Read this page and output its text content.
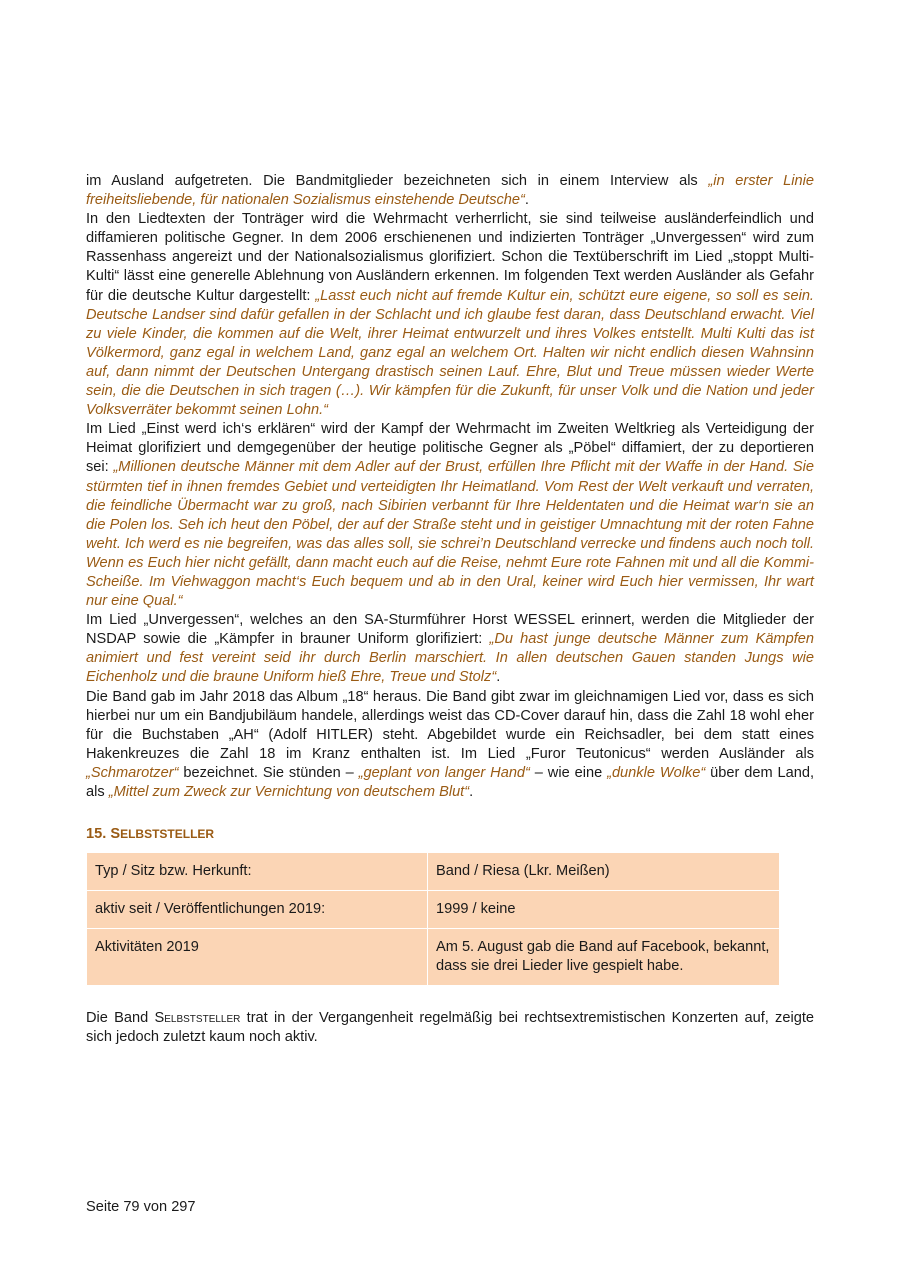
im Ausland aufgetreten. Die Bandmitglieder bezeichneten sich in einem Interview als „in erster Linie freiheitsliebende, für nationalen Sozialismus einstehende Deutsche“.

In den Liedtexten der Tonträger wird die Wehrmacht verherrlicht, sie sind teilweise ausländerfeindlich und diffamieren politische Gegner. In dem 2006 erschienenen und indizierten Tonträger „Unvergessen“ wird zum Rassenhass angereizt und der Nationalsozialismus glorifiziert. Schon die Textüberschrift im Lied „stoppt Multi-Kulti“ lässt eine generelle Ablehnung von Ausländern erkennen. Im folgenden Text werden Ausländer als Gefahr für die deutsche Kultur dargestellt: „Lasst euch nicht auf fremde Kultur ein, schützt eure eigene, so soll es sein. Deutsche Landser sind dafür gefallen in der Schlacht und ich glaube fest daran, dass Deutschland erwacht. Viel zu viele Kinder, die kommen auf die Welt, ihrer Heimat entwurzelt und ihres Volkes entstellt. Multi Kulti das ist Völkermord, ganz egal in welchem Land, ganz egal an welchem Ort. Halten wir nicht endlich diesen Wahnsinn auf, dann nimmt der Deutschen Untergang drastisch seinen Lauf. Ehre, Blut und Treue müssen wieder Werte sein, die die Deutschen in sich tragen (…). Wir kämpfen für die Zukunft, für unser Volk und die Nation und jeder Volksverräter bekommt seinen Lohn.“

Im Lied „Einst werd ich‘s erklären“ wird der Kampf der Wehrmacht im Zweiten Weltkrieg als Verteidigung der Heimat glorifiziert und demgegenüber der heutige politische Gegner als „Pöbel“ diffamiert, der zu deportieren sei: „Millionen deutsche Männer mit dem Adler auf der Brust, erfüllen Ihre Pflicht mit der Waffe in der Hand. Sie stürmten tief in ihnen fremdes Gebiet und verteidigten Ihr Heimatland. Vom Rest der Welt verkauft und verraten, die feindliche Übermacht war zu groß, nach Sibirien verbannt für Ihre Heldentaten und die Heimat war‘n sie an die Polen los. Seh ich heut den Pöbel, der auf der Straße steht und in geistiger Umnachtung mit der roten Fahne weht. Ich werd es nie begreifen, was das alles soll, sie schrei’n Deutschland verrecke und findens auch noch toll. Wenn es Euch hier nicht gefällt, dann macht euch auf die Reise, nehmt Eure rote Fahnen mit und all die Kommi-Scheiße. Im Viehwaggon macht‘s Euch bequem und ab in den Ural, keiner wird Euch hier vermissen, Ihr wart nur eine Qual.“

Im Lied „Unvergessen“, welches an den SA-Sturmführer Horst WESSEL erinnert, werden die Mitglieder der NSDAP sowie die „Kämpfer in brauner Uniform glorifiziert: „Du hast junge deutsche Männer zum Kämpfen animiert und fest vereint seid ihr durch Berlin marschiert. In allen deutschen Gauen standen Jungs wie Eichenholz und die braune Uniform hieß Ehre, Treue und Stolz“.

Die Band gab im Jahr 2018 das Album „18“ heraus. Die Band gibt zwar im gleichnamigen Lied vor, dass es sich hierbei nur um ein Bandjubiläum handele, allerdings weist das CD-Cover darauf hin, dass die Zahl 18 wohl eher für die Buchstaben „AH“ (Adolf HITLER) steht. Abgebildet wurde ein Reichsadler, bei dem statt eines Hakenkreuzes die Zahl 18 im Kranz enthalten ist. Im Lied „Furor Teutonicus“ werden Ausländer als „Schmarotzer“ bezeichnet. Sie stünden – „geplant von langer Hand“ – wie eine „dunkle Wolke“ über dem Land, als „Mittel zum Zweck zur Vernichtung von deutschem Blut“.

15. SELBSTSTELLER
Typ / Sitz bzw. Herkunft:	Band / Riesa (Lkr. Meißen)
aktiv seit / Veröffentlichungen 2019:	1999 / keine
Aktivitäten 2019	Am 5. August gab die Band auf Facebook, bekannt, dass sie drei Lieder live gespielt habe.

Die Band Selbststeller trat in der Vergangenheit regelmäßig bei rechtsextremistischen Konzerten auf, zeigte sich jedoch zuletzt kaum noch aktiv.

Seite 79 von 297
